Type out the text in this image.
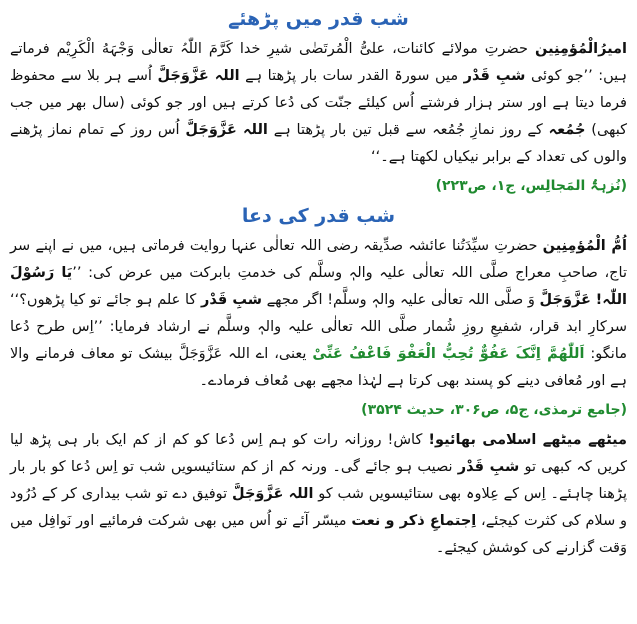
شب قدر میں پڑھئے

امیرُالْمُؤمِنِین حضرتِ مولائے کائنات، علیُّ الْمُرتَضٰی شیرِ خدا کَرَّمَ اللّٰہُ تعالٰی وَجْہَهُ الْکَرِیْم فرماتے ہیں: ’’جو کوئی شبِ قَدْر میں سورۃ القدر سات بار پڑھتا ہے اللہ عَزَّوَجَلَّ اُسے ہر بلا سے محفوظ فرما دیتا ہے اور ستر ہزار فرشتے اُس کیلئے جنّت کی دُعا کرتے ہیں اور جو کوئی (سال بھر میں جب کبھی) جُمُعہ کے روز نمازِ جُمُعہ سے قبل تین بار پڑھتا ہے اللہ عَزَّوَجَلَّ اُس روز کے تمام نماز پڑھنے والوں کی تعداد کے برابر نیکیاں لکھتا ہے۔‘‘

(نُزہۃُ المَجالِس، ج۱، ص۲۲۳)
شب قدر کی دعا

اُمُّ الْمُؤمِنِین حضرتِ سیِّدَتُنا عائشہ صدِّیقہ رضی اللہ تعالٰی عنہا روایت فرماتی ہیں، میں نے اپنے سر تاج، صاحبِ معراج صلَّی اللہ تعالٰی علیہ والہٖ وسلَّم کی خدمتِ بابرکت میں عرض کی: ’’یَا رَسُوْلَ اللّٰہ! عَزَّوَجَلَّ وَ صلَّی اللہ تعالٰی علیہ والہٖ وسلَّم! اگر مجھے شبِ قَدْر کا علم ہو جائے تو کیا پڑھوں؟‘‘ سرکارِ ابد قرار، شفیعِ روزِ شُمار صلَّی اللہ تعالٰی علیہ والہٖ وسلَّم نے ارشاد فرمایا: ’’اِس طرح دُعا مانگو: اَللّٰھُمَّ اِنَّکَ عَفُوٌّ تُحِبُّ الْعَفْوَ فَاعْفُ عَنِّیْ یعنی، اے اللہ عَزَّوَجَلَّ بیشک تو معاف فرمانے والا ہے اور مُعافی دینے کو پسند بھی کرتا ہے لہٰذا مجھے بھی مُعاف فرمادے۔

(جامع ترمذی، ج۵، ص۳۰۶، حدیث ۳۵۲۴)

میٹھے میٹھے اسلامی بھائیو! کاش! روزانہ رات کو ہم اِس دُعا کو کم از کم ایک بار ہی پڑھ لیا کریں کہ کبھی تو شبِ قَدْر نصیب ہو جائے گی۔ ورنہ کم از کم ستائیسویں شب تو اِس دُعا کو بار بار پڑھنا چاہئے۔ اِس کے عِلاوہ بھی ستائیسویں شب کو اللہ عَزَّوَجَلَّ توفیق دے تو شب بیداری کر کے دُرُود و سلام کی کثرت کیجئے، اِجتماعِ ذکر و نعت میسّر آئے تو اُس میں بھی شرکت فرمائیے اور نَوافِل میں وَقت گزارنے کی کوشش کیجئے۔
